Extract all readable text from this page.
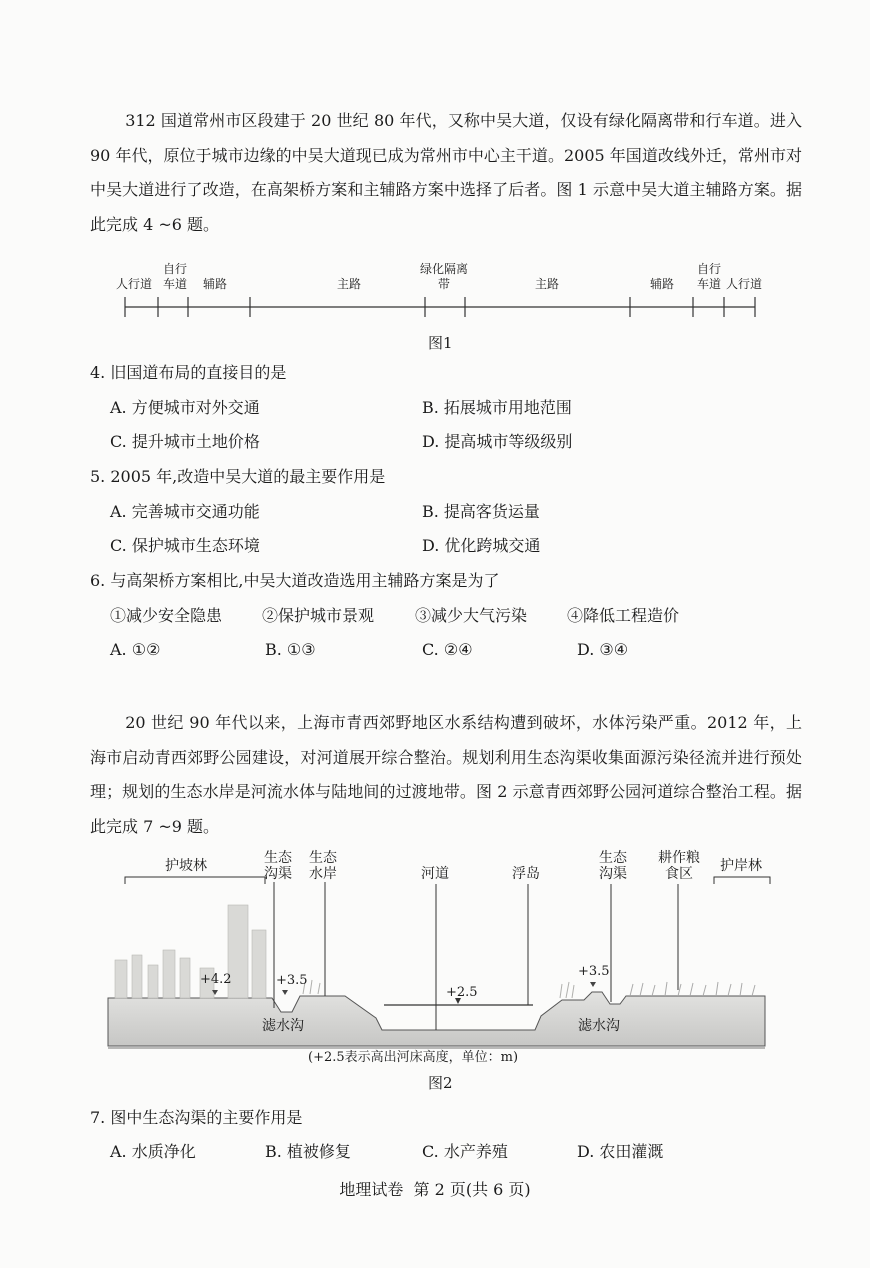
312 国道常州市区段建于 20 世纪 80 年代，又称中吴大道，仅设有绿化隔离带和行车道。进入 90 年代，原位于城市边缘的中吴大道现已成为常州市中心主干道。2005 年国道改线外迁，常州市对中吴大道进行了改造，在高架桥方案和主辅路方案中选择了后者。图 1 示意中吴大道主辅路方案。据此完成 4 ~6 题。

人行道
自行车道 辅路	主路
绿化隔离带	主路	辅路
自行车道 人行道
图1
4. 旧国道布局的直接目的是
A. 方便城市对外交通	B. 拓展城市用地范围
C. 提升城市土地价格	D. 提高城市等级级别
5. 2005 年,改造中吴大道的最主要作用是
A. 完善城市交通功能	B. 提高客货运量
C. 保护城市生态环境	D. 优化跨城交通
6. 与高架桥方案相比,中吴大道改造选用主辅路方案是为了
①减少安全隐患 ②保护城市景观	③减少大气污染 ④降低工程造价
A. ①②	B. ①③	C. ②④	D. ③④

20 世纪 90 年代以来，上海市青西郊野地区水系结构遭到破坏，水体污染严重。2012 年，上海市启动青西郊野公园建设，对河道展开综合整治。规划利用生态沟渠收集面源污染径流并进行预处理；规划的生态水岸是河流水体与陆地间的过渡地带。图 2 示意青西郊野公园河道综合整治工程。据此完成 7 ~9 题。

护坡林	生态沟渠
生态水岸	河道	浮岛
生态沟渠
耕作粮食区	护岸林
+4.2	+3.5
+2.5
+3.5
滤水沟	滤水沟
(+2.5表示高出河床高度，单位：m)
图2
7. 图中生态沟渠的主要作用是
A. 水质净化	B. 植被修复	C. 水产养殖	D. 农田灌溉
地理试卷  第 2 页(共 6 页)
